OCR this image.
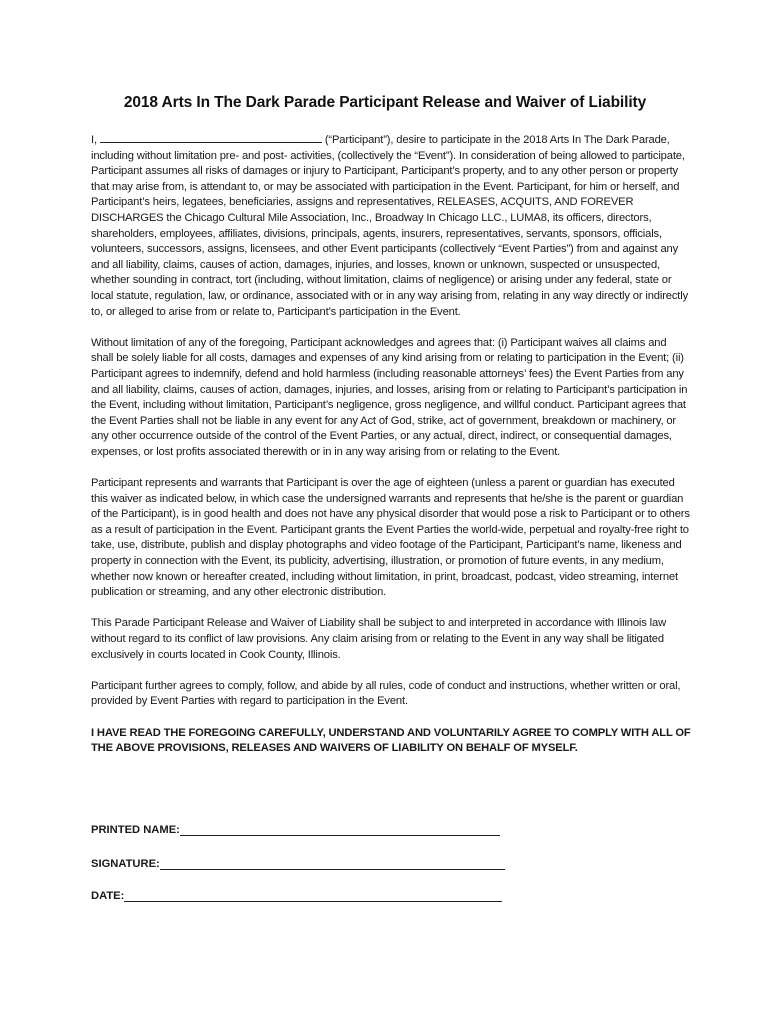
2018 Arts In The Dark Parade Participant Release and Waiver of Liability

I,	(“Participant”), desire to participate in the 2018 Arts In The Dark Parade, including without limitation pre- and post- activities, (collectively the “Event”). In consideration of being allowed to participate, Participant assumes all risks of damages or injury to Participant, Participant’s property, and to any other person or property that may arise from, is attendant to, or may be associated with participation in the Event. Participant, for him or herself, and Participant’s heirs, legatees, beneficiaries, assigns and representatives, RELEASES, ACQUITS, AND FOREVER DISCHARGES the Chicago Cultural Mile Association, Inc., Broadway In Chicago LLC., LUMA8, its officers, directors, shareholders, employees, affiliates, divisions, principals, agents, insurers, representatives, servants, sponsors, officials, volunteers, successors, assigns, licensees, and other Event participants (collectively “Event Parties”) from and against any and all liability, claims, causes of action, damages, injuries, and losses, known or unknown, suspected or unsuspected, whether sounding in contract, tort (including, without limitation, claims of negligence) or arising under any federal, state or local statute, regulation, law, or ordinance, associated with or in any way arising from, relating in any way directly or indirectly to, or alleged to arise from or relate to, Participant’s participation in the Event.

Without limitation of any of the foregoing, Participant acknowledges and agrees that: (i) Participant waives all claims and shall be solely liable for all costs, damages and expenses of any kind arising from or relating to participation in the Event; (ii) Participant agrees to indemnify, defend and hold harmless (including reasonable attorneys’ fees) the Event Parties from any and all liability, claims, causes of action, damages, injuries, and losses, arising from or relating to Participant’s participation in the Event, including without limitation, Participant’s negligence, gross negligence, and willful conduct. Participant agrees that the Event Parties shall not be liable in any event for any Act of God, strike, act of government, breakdown or machinery, or any other occurrence outside of the control of the Event Parties, or any actual, direct, indirect, or consequential damages, expenses, or lost profits associated therewith or in in any way arising from or relating to the Event.

Participant represents and warrants that Participant is over the age of eighteen (unless a parent or guardian has executed this waiver as indicated below, in which case the undersigned warrants and represents that he/she is the parent or guardian of the Participant), is in good health and does not have any physical disorder that would pose a risk to Participant or to others as a result of participation in the Event. Participant grants the Event Parties the world-wide, perpetual and royalty-free right to take, use, distribute, publish and display photographs and video footage of the Participant, Participant’s name, likeness and property in connection with the Event, its publicity, advertising, illustration, or promotion of future events, in any medium, whether now known or hereafter created, including without limitation, in print, broadcast, podcast, video streaming, internet publication or streaming, and any other electronic distribution.

This Parade Participant Release and Waiver of Liability shall be subject to and interpreted in accordance with Illinois law without regard to its conflict of law provisions. Any claim arising from or relating to the Event in any way shall be litigated exclusively in courts located in Cook County, Illinois.

Participant further agrees to comply, follow, and abide by all rules, code of conduct and instructions, whether written or oral, provided by Event Parties with regard to participation in the Event.

I HAVE READ THE FOREGOING CAREFULLY, UNDERSTAND AND VOLUNTARILY AGREE TO COMPLY WITH ALL OF THE ABOVE PROVISIONS, RELEASES AND WAIVERS OF LIABILITY ON BEHALF OF MYSELF.

PRINTED NAME:
SIGNATURE:
DATE:
